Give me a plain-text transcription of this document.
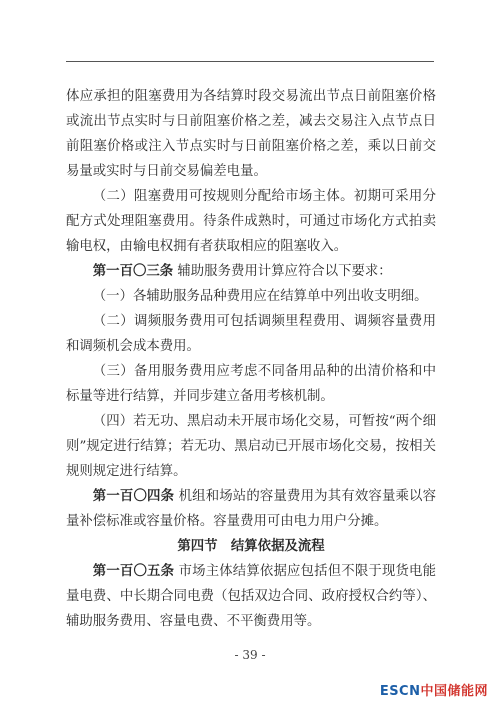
体应承担的阻塞费用为各结算时段交易流出节点日前阻塞价格或流出节点实时与日前阻塞价格之差，减去交易注入点节点日前阻塞价格或注入节点实时与日前阻塞价格之差，乘以日前交易量或实时与日前交易偏差电量。

（二）阻塞费用可按规则分配给市场主体。初期可采用分配方式处理阻塞费用。待条件成熟时，可通过市场化方式拍卖输电权，由输电权拥有者获取相应的阻塞收入。

第一百〇三条 辅助服务费用计算应符合以下要求：

（一）各辅助服务品种费用应在结算单中列出收支明细。

（二）调频服务费用可包括调频里程费用、调频容量费用和调频机会成本费用。

（三）备用服务费用应考虑不同备用品种的出清价格和中标量等进行结算，并同步建立备用考核机制。

（四）若无功、黑启动未开展市场化交易，可暂按“两个细则”规定进行结算；若无功、黑启动已开展市场化交易，按相关规则规定进行结算。

第一百〇四条 机组和场站的容量费用为其有效容量乘以容量补偿标准或容量价格。容量费用可由电力用户分摊。

第四节　结算依据及流程

第一百〇五条 市场主体结算依据应包括但不限于现货电能量电费、中长期合同电费（包括双边合同、政府授权合约等）、辅助服务费用、容量电费、不平衡费用等。

- 39 -
ESCN中国储能网
